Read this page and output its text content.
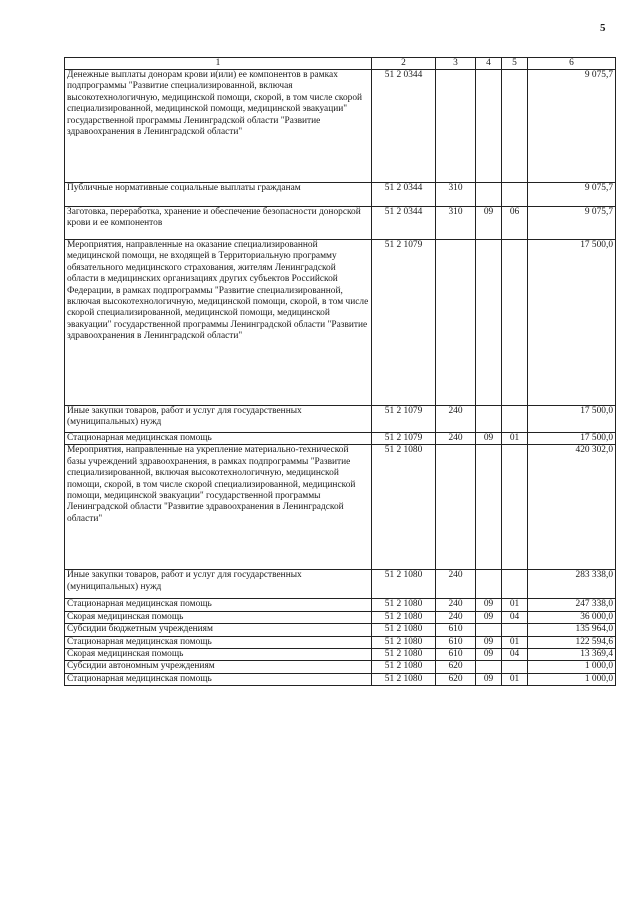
5
1	2	3	4	5	6
Денежные выплаты донорам крови и(или) ее компонентов в рамках подпрограммы "Развитие специализированной, включая высокотехнологичную, медицинской помощи, скорой, в том числе скорой специализированной, медицинской помощи, медицинской эвакуации" государственной программы Ленинградской области "Развитие здравоохранения в Ленинградской области"	51 2 0344				9 075,7
Публичные нормативные социальные выплаты гражданам	51 2 0344	310			9 075,7
Заготовка, переработка, хранение и обеспечение безопасности донорской крови и ее компонентов	51 2 0344	310	09	06	9 075,7
Мероприятия, направленные на оказание специализированной медицинской помощи, не входящей в Территориальную программу обязательного медицинского страхования, жителям Ленинградской области в медицинских организациях других субъектов Российской Федерации, в рамках подпрограммы "Развитие специализированной, включая высокотехнологичную, медицинской помощи, скорой, в том числе скорой специализированной, медицинской помощи, медицинской эвакуации" государственной программы Ленинградской области "Развитие здравоохранения в Ленинградской области"	51 2 1079				17 500,0
Иные закупки товаров, работ и услуг для государственных (муниципальных) нужд	51 2 1079	240			17 500,0
Стационарная медицинская помощь	51 2 1079	240	09	01	17 500,0
Мероприятия, направленные на укрепление материально-технической базы учреждений здравоохранения, в рамках подпрограммы "Развитие специализированной, включая высокотехнологичную, медицинской помощи, скорой, в том числе скорой специализированной, медицинской помощи, медицинской эвакуации" государственной программы Ленинградской области "Развитие здравоохранения в Ленинградской области"	51 2 1080				420 302,0
Иные закупки товаров, работ и услуг для государственных (муниципальных) нужд	51 2 1080	240			283 338,0
Стационарная медицинская помощь	51 2 1080	240	09	01	247 338,0
Скорая медицинская помощь	51 2 1080	240	09	04	36 000,0
Субсидии бюджетным учреждениям	51 2 1080	610			135 964,0
Стационарная медицинская помощь	51 2 1080	610	09	01	122 594,6
Скорая медицинская помощь	51 2 1080	610	09	04	13 369,4
Субсидии автономным учреждениям	51 2 1080	620			1 000,0
Стационарная медицинская помощь	51 2 1080	620	09	01	1 000,0
